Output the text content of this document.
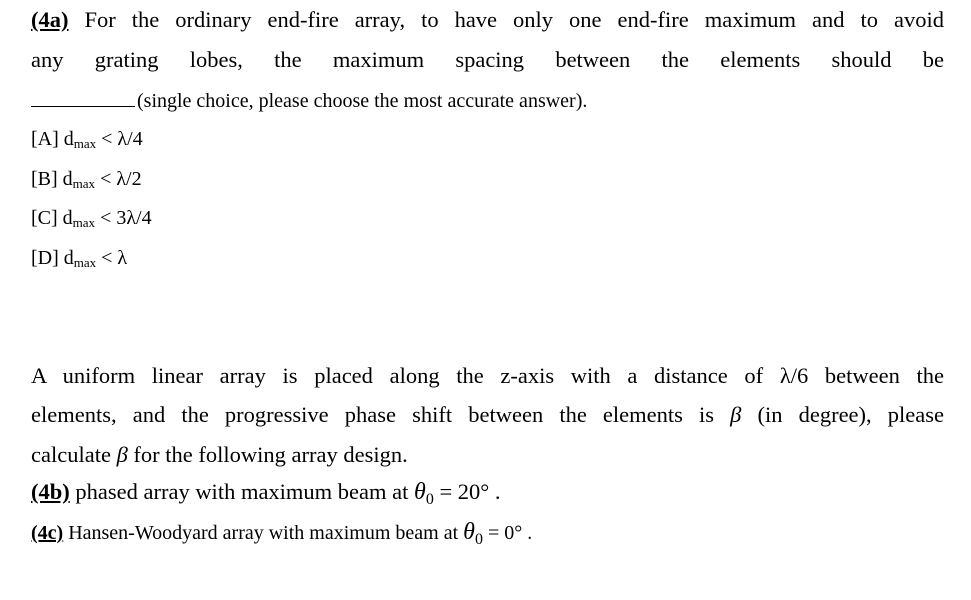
(4a) For the ordinary end-fire array, to have only one end-fire maximum and to avoid
any grating lobes, the maximum spacing between the elements should be
(single choice, please choose the most accurate answer).
[A] $d_{max} < \lambda/4$
[B] $d_{max} < \lambda/2$
[C] $d_{max} < 3\lambda/4$
[D] $d_{max} < \lambda$
A uniform linear array is placed along the z-axis with a distance of λ/6 between the
elements, and the progressive phase shift between the elements is β (in degree), please
calculate β for the following array design.
(4b) phased array with maximum beam at $\theta_0 = 20^\circ$ .
(4c) Hansen-Woodyard array with maximum beam at $\theta_0 = 0^\circ$ .
